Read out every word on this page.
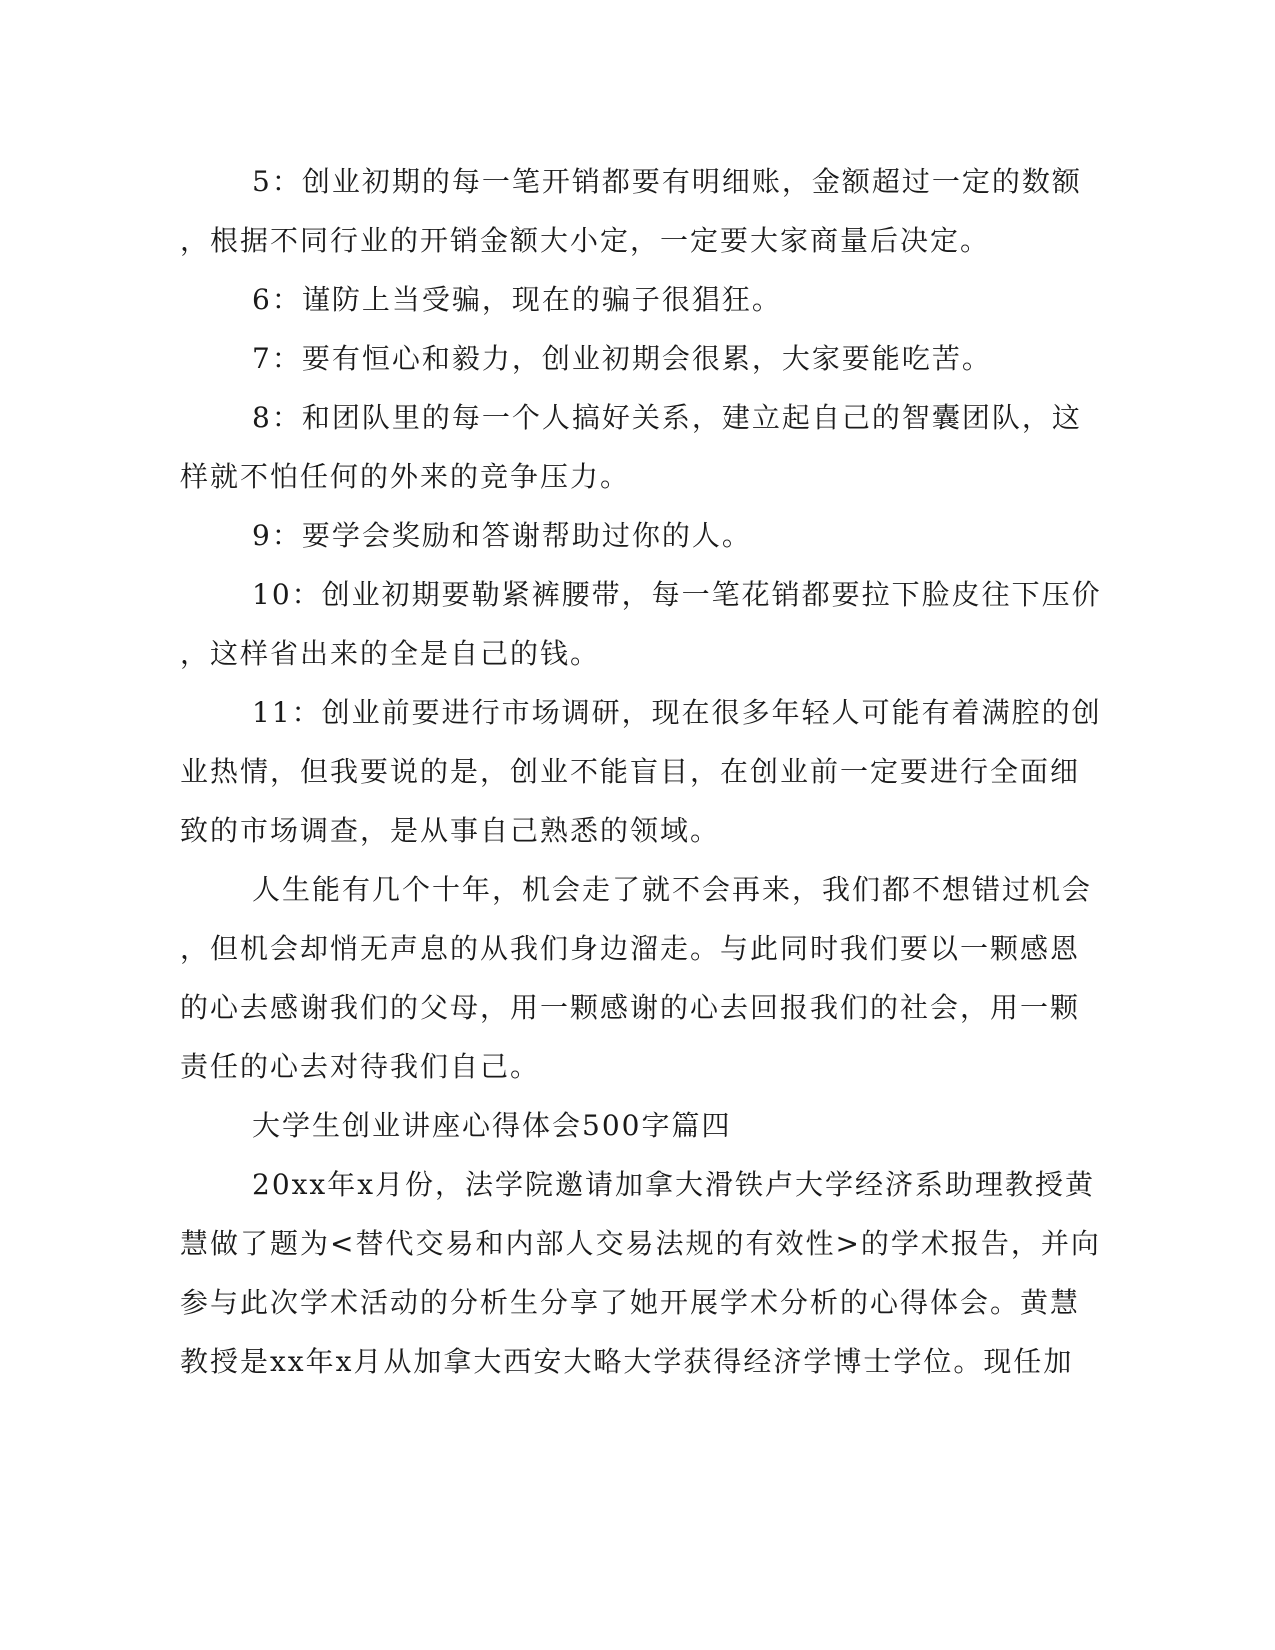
5：创业初期的每一笔开销都要有明细账，金额超过一定的数额
，根据不同行业的开销金额大小定，一定要大家商量后决定。

6：谨防上当受骗，现在的骗子很猖狂。

7：要有恒心和毅力，创业初期会很累，大家要能吃苦。

8：和团队里的每一个人搞好关系，建立起自己的智囊团队，这
样就不怕任何的外来的竞争压力。

9：要学会奖励和答谢帮助过你的人。

10：创业初期要勒紧裤腰带，每一笔花销都要拉下脸皮往下压价
，这样省出来的全是自己的钱。

11：创业前要进行市场调研，现在很多年轻人可能有着满腔的创
业热情，但我要说的是，创业不能盲目，在创业前一定要进行全面细
致的市场调查，是从事自己熟悉的领域。

人生能有几个十年，机会走了就不会再来，我们都不想错过机会
，但机会却悄无声息的从我们身边溜走。与此同时我们要以一颗感恩
的心去感谢我们的父母，用一颗感谢的心去回报我们的社会，用一颗
责任的心去对待我们自己。

大学生创业讲座心得体会500字篇四

20xx年x月份，法学院邀请加拿大滑铁卢大学经济系助理教授黄
慧做了题为<替代交易和内部人交易法规的有效性>的学术报告，并向
参与此次学术活动的分析生分享了她开展学术分析的心得体会。黄慧
教授是xx年x月从加拿大西安大略大学获得经济学博士学位。现任加
